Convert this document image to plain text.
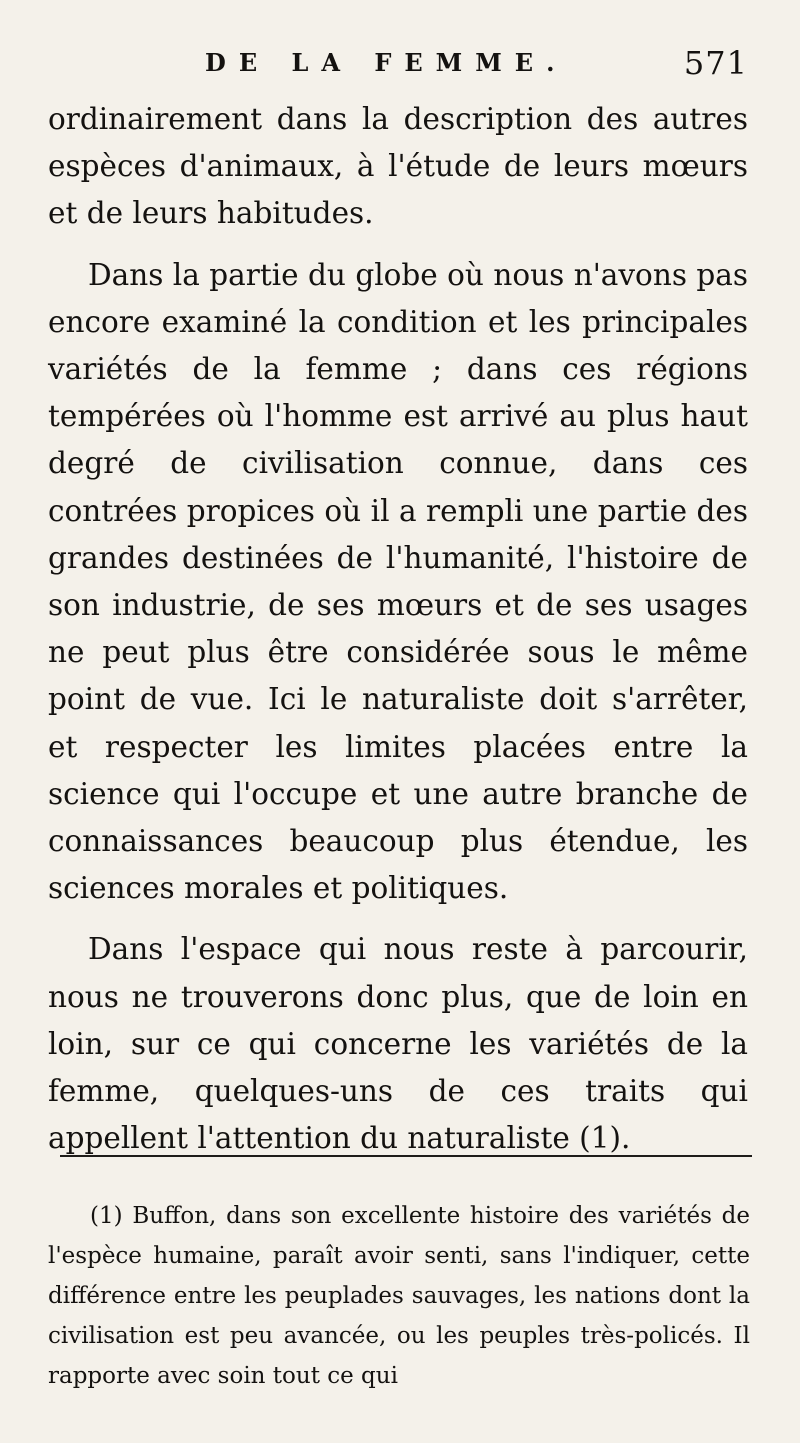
DE LA FEMME.	571

ordinairement dans la description des autres espèces d'animaux, à l'étude de leurs mœurs et de leurs habitudes.

Dans la partie du globe où nous n'avons pas encore examiné la condition et les principales variétés de la femme ; dans ces régions tempérées où l'homme est arrivé au plus haut degré de civilisation connue, dans ces contrées propices où il a rempli une partie des grandes destinées de l'humanité, l'histoire de son industrie, de ses mœurs et de ses usages ne peut plus être considérée sous le même point de vue. Ici le naturaliste doit s'arrêter, et respecter les limites placées entre la science qui l'occupe et une autre branche de connaissances beaucoup plus étendue, les sciences morales et politiques.

Dans l'espace qui nous reste à parcourir, nous ne trouverons donc plus, que de loin en loin, sur ce qui concerne les variétés de la femme, quelques-uns de ces traits qui appellent l'attention du naturaliste (1).

(1) Buffon, dans son excellente histoire des variétés de l'espèce humaine, paraît avoir senti, sans l'indiquer, cette différence entre les peuplades sauvages, les nations dont la civilisation est peu avancée, ou les peuples très-policés. Il rapporte avec soin tout ce qui
